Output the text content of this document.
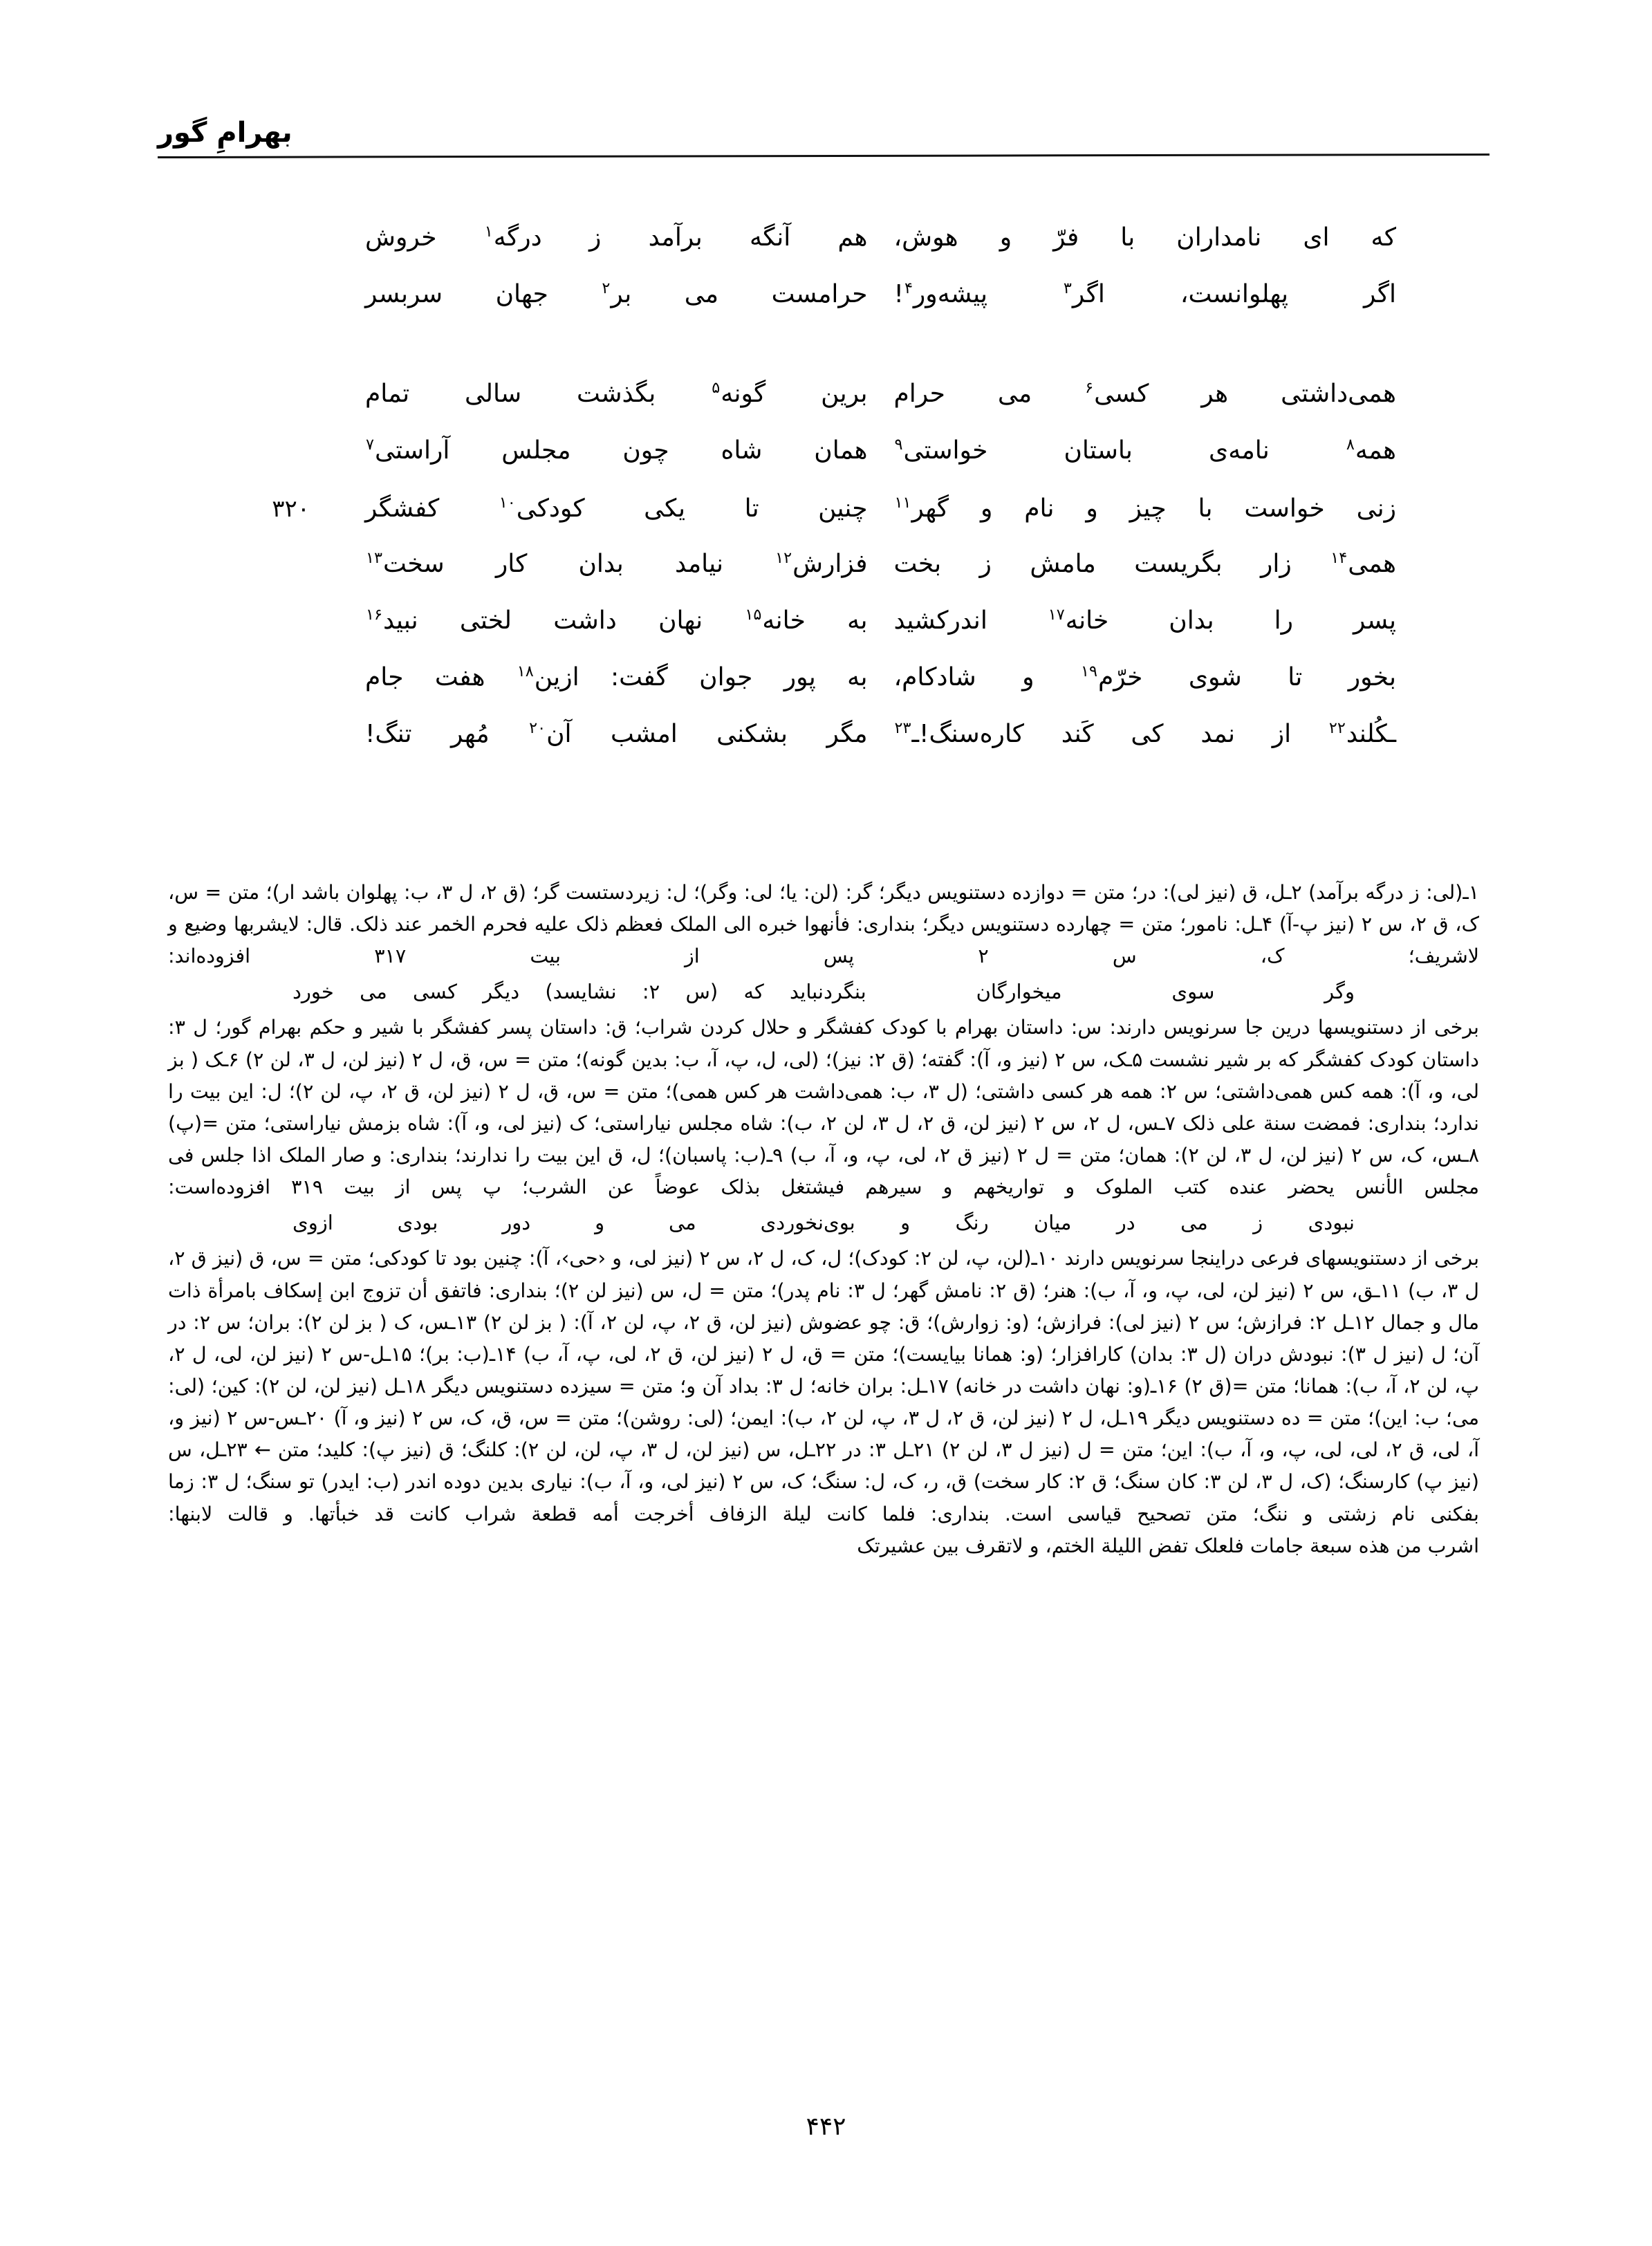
بهرامِ گور
که ای نامداران با فرّ و هوش،
هم آنگه برآمد ز درگه$^۱$ خروش
اگر پهلوانست، اگر$^۳$ پیشه‌ور$^۴$!
حرامست می بر$^۲$ جهان سربسر
همی‌داشتی هر کسی$^۶$ می حرام
برین گونه$^۵$ بگذشت سالی تمام
همه$^۸$ نامه‌ی باستان خواستی$^۹$
همان شاه چون مجلس آراستی$^۷$
زنی خواست با چیز و نام و گهر$^{۱۱}$
چنین تا یکی کودکی$^{۱۰}$ کفشگر
۳۲۰
همی$^{۱۴}$ زار بگریست مامش ز بخت
فزارش$^{۱۲}$ نیامد بدان کار سخت$^{۱۳}$
پسر را بدان خانه$^{۱۷}$ اندرکشید
به خانه$^{۱۵}$ نهان داشت لختی نبید$^{۱۶}$
بخور تا شوی خرّم$^{۱۹}$ و شادکام،
به پور جوان گفت: ازین$^{۱۸}$ هفت جام
ـکُلند$^{۲۲}$ از نمد کی کَند کاره‌سنگ!ـ$^{۲۳}$
مگر بشکنی امشب آن$^{۲۰}$ مُهر تنگ!

۱ـ(لی: ز درگه برآمد) ۲ـل، ق (نیز لی): در؛ متن = دوازده دستنویس دیگر؛ گر: (لن: یا؛ لی: وگر)؛ ل: زیردستست گر؛ (ق ۲، ل ۳، ب: پهلوان باشد ار)؛ متن = س، ک، ق ۲، س ۲ (نیز پ-آ) ۴ـل: نامور؛ متن = چهارده دستنویس دیگر؛ بنداری: فأنهوا خبره الی الملک فعظم ذلک علیه فحرم الخمر عند ذلک. قال: لایشربها وضیع و لاشریف؛ ک، س ۲ پس از بیت ۳۱۷ افزوده‌اند:

وگر سوی میخوارگان بنگرد
نباید که (س ۲: نشایسد) دیگر کسی می خورد

برخی از دستنویسها درین جا سرنویس دارند: س: داستان بهرام با کودک کفشگر و حلال کردن شراب؛ ق: داستان پسر کفشگر با شیر و حکم بهرام گور؛ ل ۳: داستان کودک کفشگر که بر شیر نشست ۵ـک، س ۲ (نیز و، آ): گفته؛ (ق ۲: نیز)؛ (لی، ل، پ، آ، ب: بدین گونه)؛ متن = س، ق، ل ۲ (نیز لن، ل ۳، لن ۲) ۶ـک ( بز لی، و، آ): همه کس همی‌داشتی؛ س ۲: همه هر کسی داشتی؛ (ل ۳، ب: همی‌داشت هر کس همی)؛ متن = س، ق، ل ۲ (نیز لن، ق ۲، پ، لن ۲)؛ ل: این بیت را ندارد؛ بنداری: فمضت سنة علی ذلک ۷ـس، ل ۲، س ۲ (نیز لن، ق ۲، ل ۳، لن ۲، ب): شاه مجلس نیاراستی؛ ک (نیز لی، و، آ): شاه بزمش نیاراستی؛ متن =(پ) ۸ـس، ک، س ۲ (نیز لن، ل ۳، لن ۲): همان؛ متن = ل ۲ (نیز ق ۲، لی، پ، و، آ، ب) ۹ـ(ب: پاسبان)؛ ل، ق این بیت را ندارند؛ بنداری: و صار الملک اذا جلس فی مجلس الأنس یحضر عنده کتب الملوک و تواریخهم و سیرهم فیشتغل بذلک عوضاً عن الشرب؛ پ پس از بیت ۳۱۹ افزوده‌است:

نبودی ز می در میان رنگ و بوی
نخوردی می و دور بودی ازوی

برخی از دستنویسهای فرعی دراینجا سرنویس دارند ۱۰ـ(لن، پ، لن ۲: کودک)؛ ل، ک، ل ۲، س ۲ (نیز لی، و ‹حی›، آ): چنین بود تا کودکی؛ متن = س، ق (نیز ق ۲، ل ۳، ب) ۱۱ـق، س ۲ (نیز لن، لی، پ، و، آ، ب): هنر؛ (ق ۲: نامش گهر؛ ل ۳: نام پدر)؛ متن = ل، س (نیز لن ۲)؛ بنداری: فاتفق أن تزوج ابن إسکاف بامرأة ذات مال و جمال ۱۲ـل ۲: فرازش؛ س ۲ (نیز لی): فرازش؛ (و: زوارش)؛ ق: چو عضوش (نیز لن، ق ۲، پ، لن ۲، آ): ( بز لن ۲) ۱۳ـس، ک ( بز لن ۲): بران؛ س ۲: در آن؛ ل (نیز ل ۳): نبودش دران (ل ۳: بدان) کارافزار؛ (و: همانا بیایست)؛ متن = ق، ل ۲ (نیز لن، ق ۲، لی، پ، آ، ب) ۱۴ـ(ب: بر)؛ ۱۵ـل-س ۲ (نیز لن، لی، ل ۲، پ، لن ۲، آ، ب): همانا؛ متن =(ق ۲) ۱۶ـ(و: نهان داشت در خانه) ۱۷ـل: بران خانه؛ ل ۳: بداد آن و؛ متن = سیزده دستنویس دیگر ۱۸ـل (نیز لن، لن ۲): کین؛ (لی: می؛ ب: این)؛ متن = ده دستنویس دیگر ۱۹ـل، ل ۲ (نیز لن، ق ۲، ل ۳، پ، لن ۲، ب): ایمن؛ (لی: روشن)؛ متن = س، ق، ک، س ۲ (نیز و، آ) ۲۰ـس-س ۲ (نیز و، آ، لی، ق ۲، لی، لی، پ، و، آ، ب): این؛ متن = ل (نیز ل ۳، لن ۲) ۲۱ـل ۳: در ۲۲ـل، س (نیز لن، ل ۳، پ، لن، لن ۲): کلنگ؛ ق (نیز پ): کلید؛ متن ← ۲۳ـل، س (نیز پ) کارسنگ؛ (ک، ل ۳، لن ۳: کان سنگ؛ ق ۲: کار سخت) ق، ر، ک، ل: سنگ؛ ک، س ۲ (نیز لی، و، آ، ب): نیاری بدین دوده اندر (ب: ایدر) تو سنگ؛ ل ۳: زما بفکنی نام زشتی و ننگ؛ متن تصحیح قیاسی است. بنداری: فلما کانت لیلة الزفاف أخرجت أمه قطعة شراب کانت قد خبأتها. و قالت لابنها:

اشرب من هذه سبعة جامات فلعلک تفض اللیلة الختم، و لاتقرف بین عشیرتک

۴۴۲
